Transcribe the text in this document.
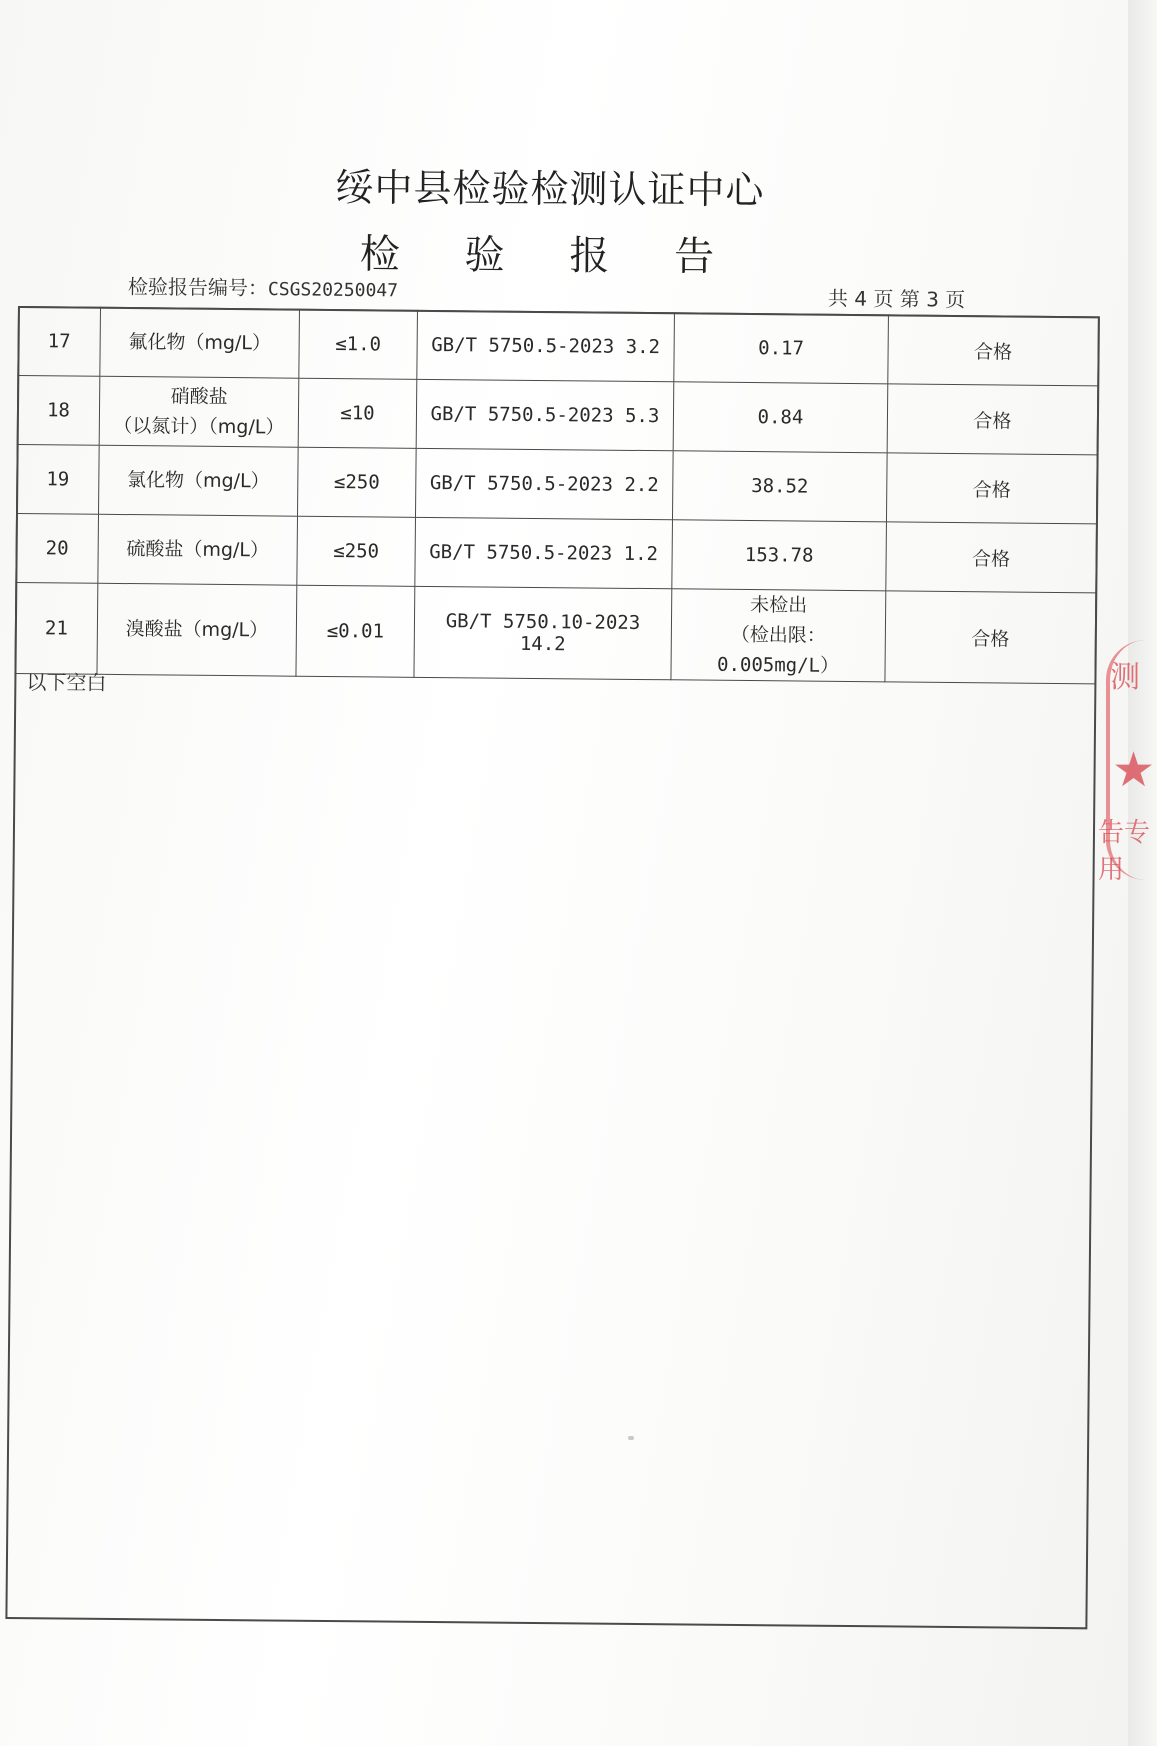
绥中县检验检测认证中心
检 验 报 告
检验报告编号：CSGS20250047	共 4 页 第 3 页
17	氟化物（mg/L）	≤1.0	GB/T 5750.5-2023 3.2	0.17	合格
18	硝酸盐
（以氮计）（mg/L）	≤10	GB/T 5750.5-2023 5.3	0.84	合格
19	氯化物（mg/L）	≤250	GB/T 5750.5-2023 2.2	38.52	合格
20	硫酸盐（mg/L）	≤250	GB/T 5750.5-2023 1.2	153.78	合格
21	溴酸盐（mg/L）	≤0.01	GB/T 5750.10-2023 14.2	未检出
（检出限：0.005mg/L）	合格
以下空白	测
★
告专用
